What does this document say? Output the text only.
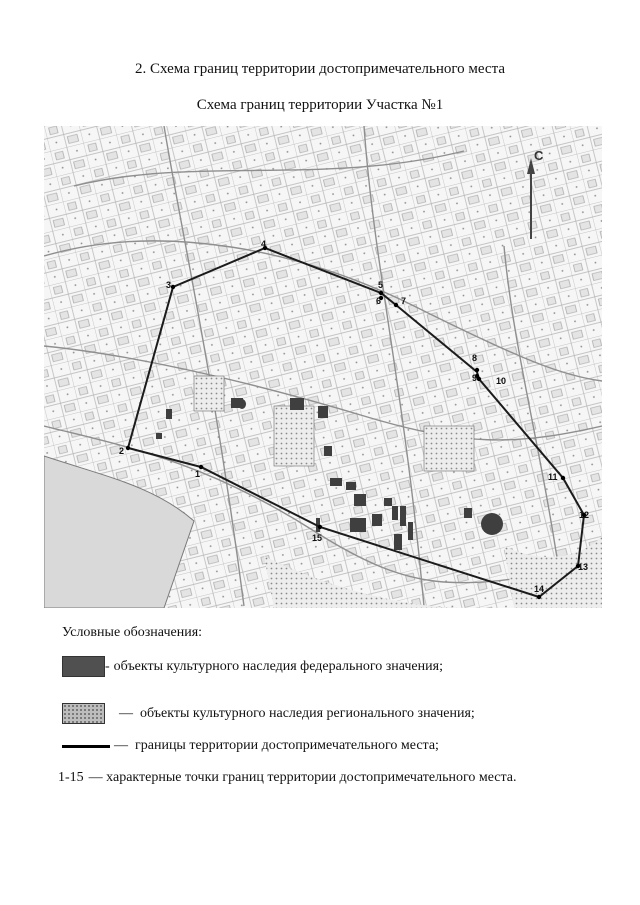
2. Схема границ территории достопримечательного места
Схема границ территории Участка №1
С
1
2
3
4
5
6 7
8
9 10
11
12
13
14
15
Условные обозначения:
- объекты культурного наследия федерального значения;
— объекты культурного наследия регионального значения;
— границы территории достопримечательного места;
1-15 — характерные точки границ территории достопримечательного места.
